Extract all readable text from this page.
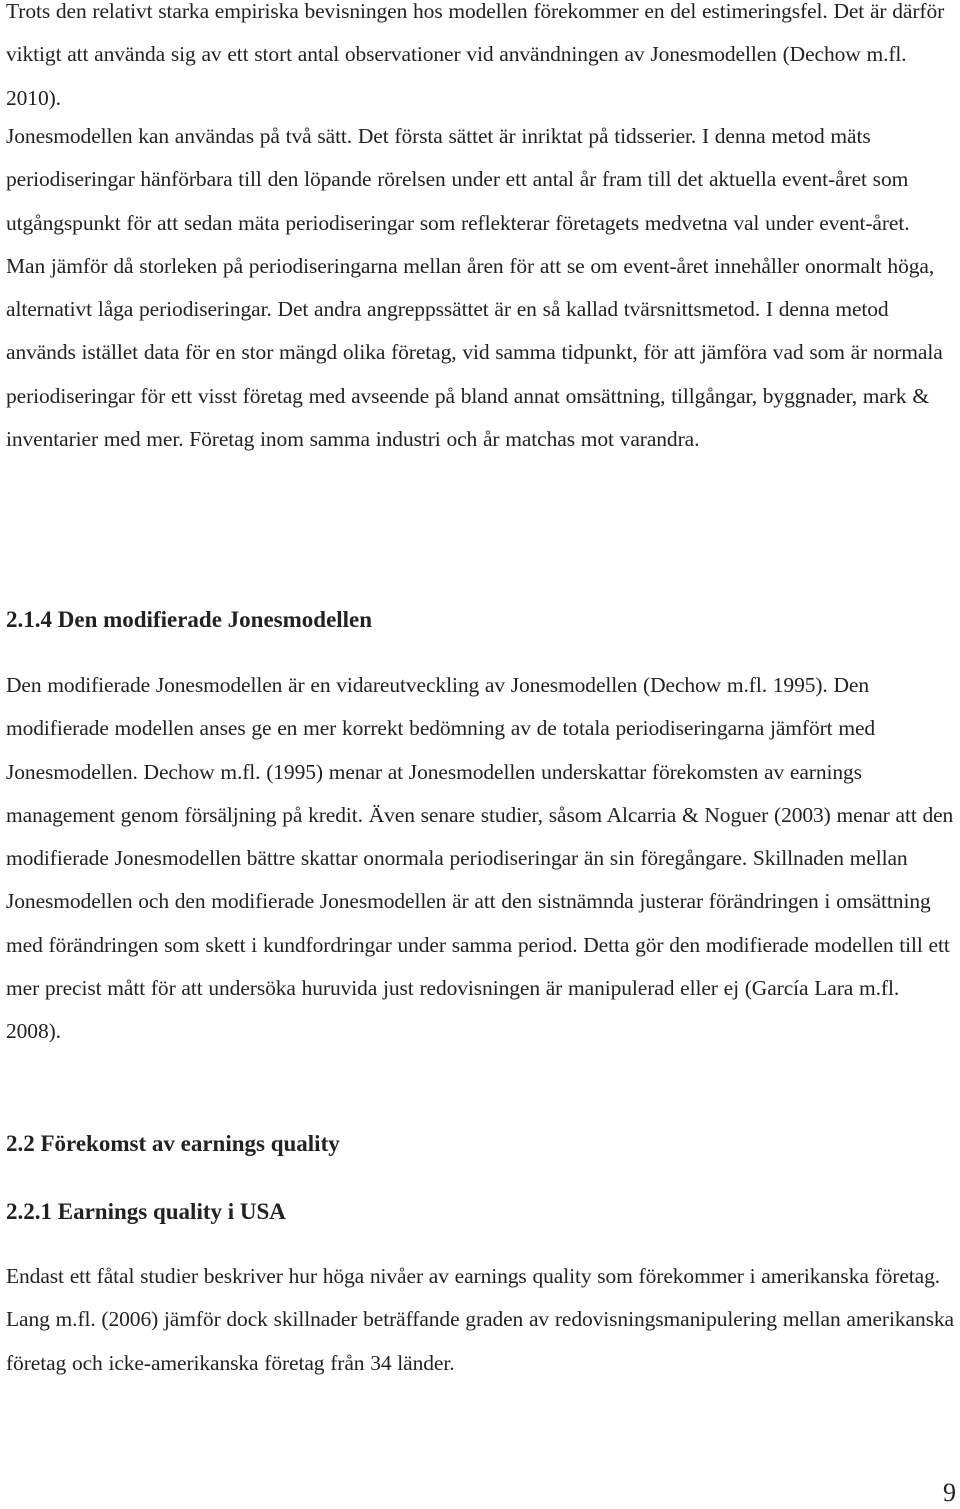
Trots den relativt starka empiriska bevisningen hos modellen förekommer en del estimeringsfel. Det är därför viktigt att använda sig av ett stort antal observationer vid användningen av Jonesmodellen (Dechow m.fl. 2010).

Jonesmodellen kan användas på två sätt. Det första sättet är inriktat på tidsserier. I denna metod mäts periodiseringar hänförbara till den löpande rörelsen under ett antal år fram till det aktuella event-året som utgångspunkt för att sedan mäta periodiseringar som reflekterar företagets medvetna val under event-året. Man jämför då storleken på periodiseringarna mellan åren för att se om event-året innehåller onormalt höga, alternativt låga periodiseringar. Det andra angreppssättet är en så kallad tvärsnittsmetod. I denna metod används istället data för en stor mängd olika företag, vid samma tidpunkt, för att jämföra vad som är normala periodiseringar för ett visst företag med avseende på bland annat omsättning, tillgångar, byggnader, mark & inventarier med mer. Företag inom samma industri och år matchas mot varandra.

2.1.4 Den modifierade Jonesmodellen

Den modifierade Jonesmodellen är en vidareutveckling av Jonesmodellen (Dechow m.fl. 1995). Den modifierade modellen anses ge en mer korrekt bedömning av de totala periodiseringarna jämfört med Jonesmodellen. Dechow m.fl. (1995) menar at Jonesmodellen underskattar förekomsten av earnings management genom försäljning på kredit. Även senare studier, såsom Alcarria & Noguer (2003) menar att den modifierade Jonesmodellen bättre skattar onormala periodiseringar än sin föregångare. Skillnaden mellan Jonesmodellen och den modifierade Jonesmodellen är att den sistnämnda justerar förändringen i omsättning med förändringen som skett i kundfordringar under samma period. Detta gör den modifierade modellen till ett mer precist mått för att undersöka huruvida just redovisningen är manipulerad eller ej (García Lara m.fl. 2008).

2.2 Förekomst av earnings quality
2.2.1 Earnings quality i USA

Endast ett fåtal studier beskriver hur höga nivåer av earnings quality som förekommer i amerikanska företag. Lang m.fl. (2006) jämför dock skillnader beträffande graden av redovisningsmanipulering mellan amerikanska företag och icke-amerikanska företag från 34 länder.

9
